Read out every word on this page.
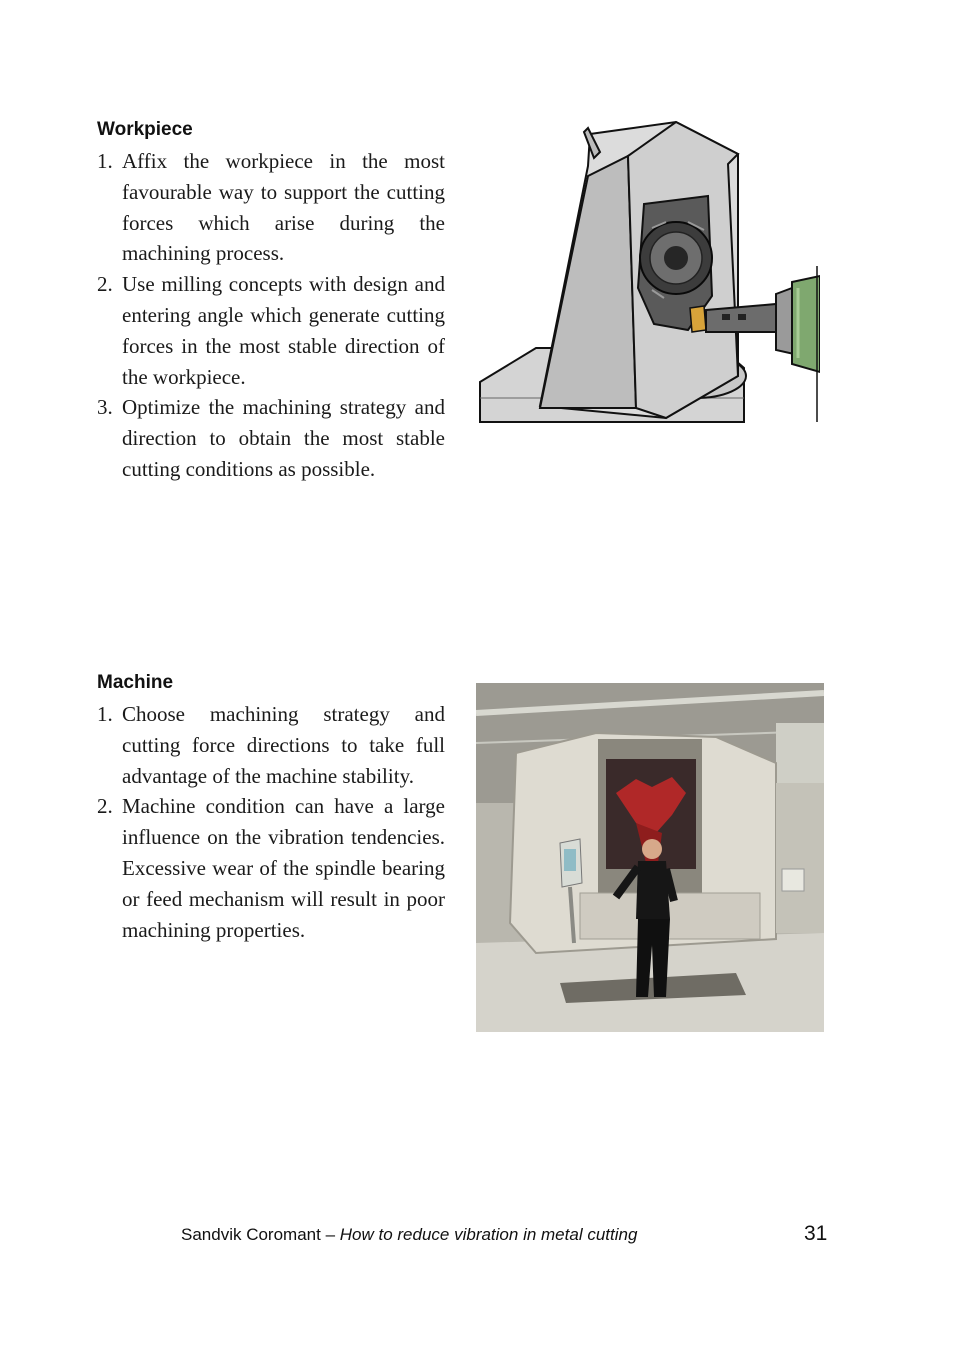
Workpiece
1. Affix the workpiece in the most favourable way to support the cutting forces which arise during the machining process.
2. Use milling concepts with design and entering angle which generate cutting forces in the most stable direction of the workpiece.
3. Optimize the machining strategy and direction to obtain the most stable cutting conditions as possible.
Machine
1. Choose machining strategy and cutting force directions to take full advantage of the machine stability.
2. Machine condition can have a large influence on the vibration tendencies. Excessive wear of the spindle bearing or feed mechanism will result in poor machining properties.
Sandvik Coromant – How to reduce vibration in metal cutting	31
